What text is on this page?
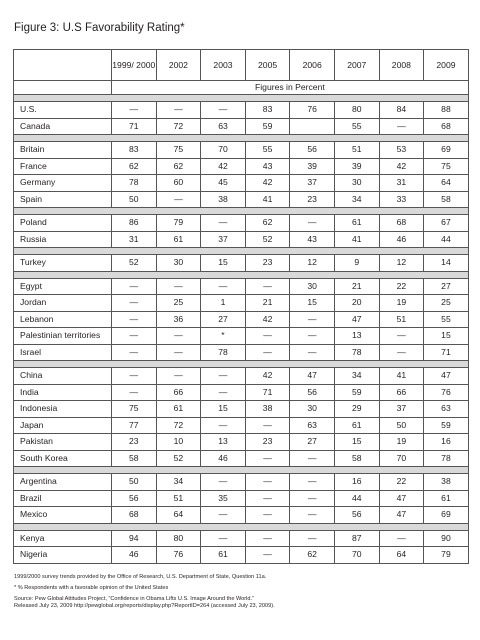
Figure 3: U.S Favorability Rating*
	1999/ 2000	2002	2003	2005	2006	2007	2008	2009
	Figures in Percent							

U.S.	—	—	—	83	76	80	84	88
Canada	71	72	63	59		55	—	68

Britain	83	75	70	55	56	51	53	69
France	62	62	42	43	39	39	42	75
Germany	78	60	45	42	37	30	31	64
Spain	50	—	38	41	23	34	33	58

Poland	86	79	—	62	—	61	68	67
Russia	31	61	37	52	43	41	46	44

Turkey	52	30	15	23	12	9	12	14

Egypt	—	—	—	—	30	21	22	27
Jordan	—	25	1	21	15	20	19	25
Lebanon	—	36	27	42	—	47	51	55
Palestinian territories	—	—	*	—	—	13	—	15
Israel	—	—	78	—	—	78	—	71

China	—	—	—	42	47	34	41	47
India	—	66	—	71	56	59	66	76
Indonesia	75	61	15	38	30	29	37	63
Japan	77	72	—	—	63	61	50	59
Pakistan	23	10	13	23	27	15	19	16
South Korea	58	52	46	—	—	58	70	78

Argentina	50	34	—	—	—	16	22	38
Brazil	56	51	35	—	—	44	47	61
Mexico	68	64	—	—	—	56	47	69

Kenya	94	80	—	—	—	87	—	90
Nigeria	46	76	61	—	62	70	64	79

1999/2000 survey trends provided by the Office of Research, U.S. Department of State, Question 11a.

* % Respondents with a favorable opinion of the United States

Source: Pew Global Attitudes Project, “Confidence in Obama Lifts U.S. Image Around the World.”
Released July 23, 2009 http://pewglobal.org/reports/display.php?ReportID=264 (accessed July 23, 2009).
